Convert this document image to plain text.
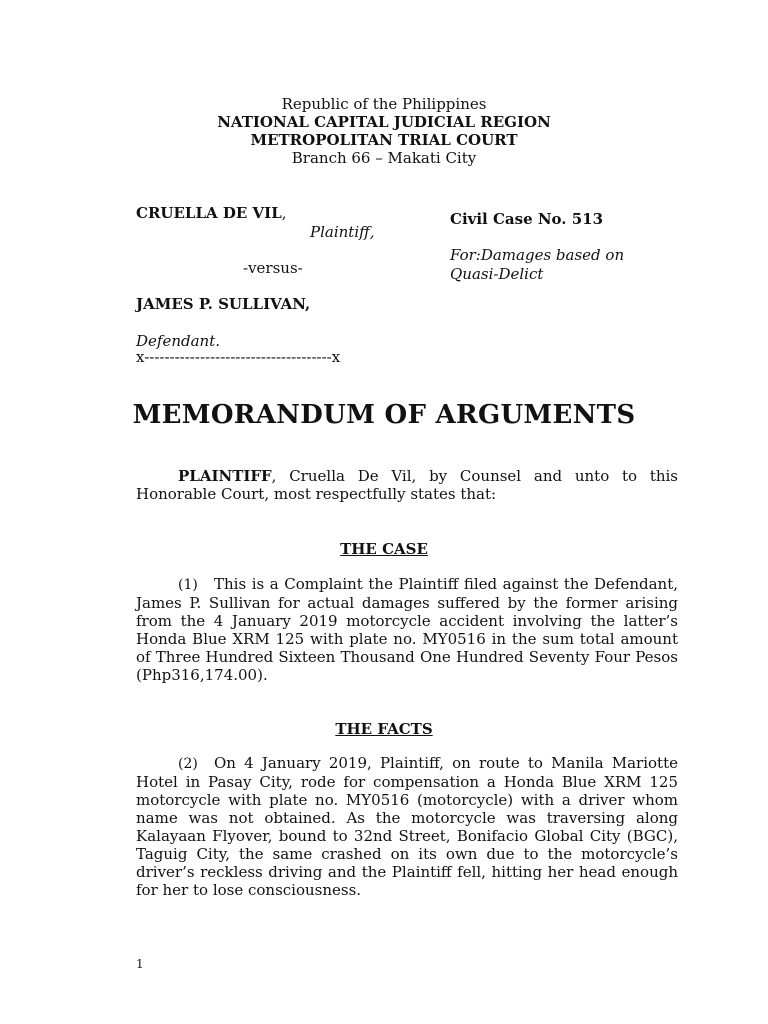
Republic of the Philippines
NATIONAL CAPITAL JUDICIAL REGION
METROPOLITAN TRIAL COURT
Branch 66 – Makati City
CRUELLA DE VIL,
Plaintiff,
-versus-
JAMES P. SULLIVAN,
Defendant.
x-------------------------------------x
Civil Case No. 513
For:Damages based on
Quasi-Delict
MEMORANDUM OF ARGUMENTS
PLAINTIFF, Cruella De Vil, by Counsel and unto to this Honorable Court, most respectfully states that:
THE CASE
(1) This is a Complaint the Plaintiff filed against the Defendant, James P. Sullivan for actual damages suffered by the former arising from the 4 January 2019 motorcycle accident involving the latter’s Honda Blue XRM 125 with plate no. MY0516 in the sum total amount of Three Hundred Sixteen Thousand One Hundred Seventy Four Pesos (Php316,174.00).
THE FACTS
(2) On 4 January 2019, Plaintiff, on route to Manila Mariotte Hotel in Pasay City, rode for compensation a Honda Blue XRM 125 motorcycle with plate no. MY0516 (motorcycle) with a driver whom name was not obtained. As the motorcycle was traversing along Kalayaan Flyover, bound to 32nd Street, Bonifacio Global City (BGC), Taguig City, the same crashed on its own due to the motorcycle’s driver’s reckless driving and the Plaintiff fell, hitting her head enough for her to lose consciousness.
1
